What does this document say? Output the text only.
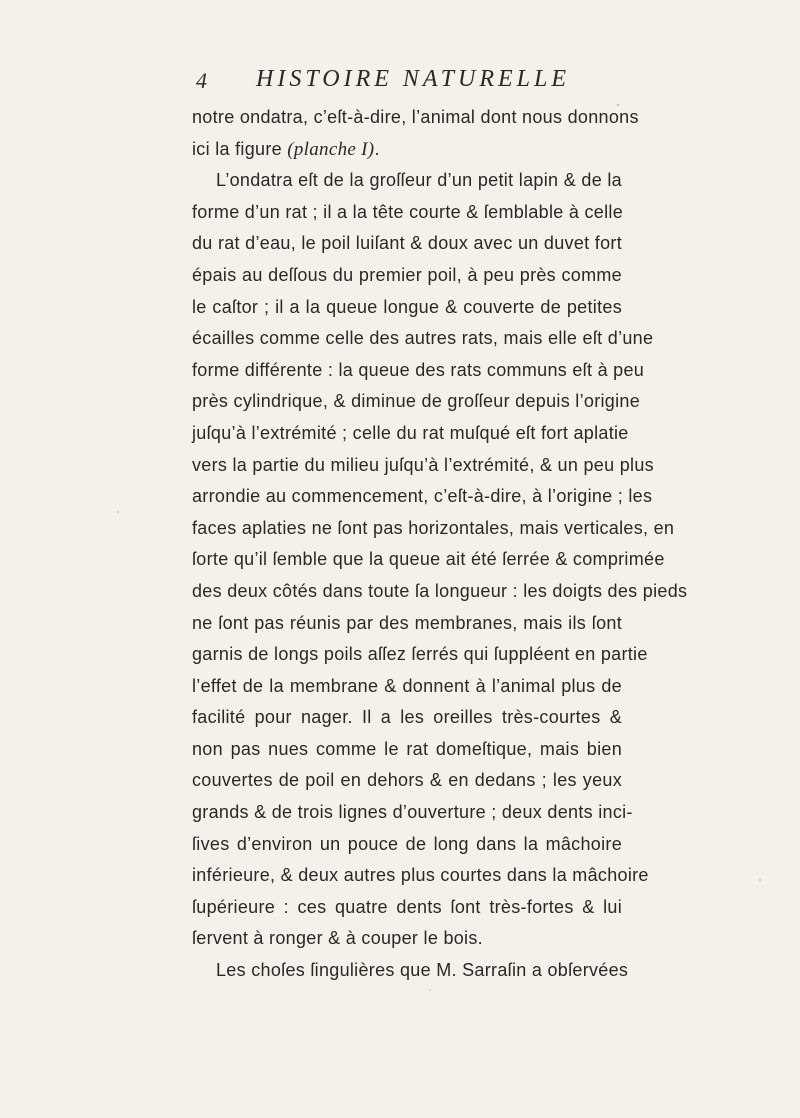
4 HISTOIRE NATURELLE
notre ondatra, c’eſt-à-dire, l’animal dont nous donnons
ici la figure (planche I).
L’ondatra eſt de la groſſeur d’un petit lapin & de la
forme d’un rat ; il a la tête courte & ſemblable à celle
du rat d’eau, le poil luiſant & doux avec un duvet fort
épais au deſſous du premier poil, à peu près comme
le caſtor ; il a la queue longue & couverte de petites
écailles comme celle des autres rats, mais elle eſt d’une
forme différente : la queue des rats communs eſt à peu
près cylindrique, & diminue de groſſeur depuis l’origine
juſqu’à l’extrémité ; celle du rat muſqué eſt fort aplatie
vers la partie du milieu juſqu’à l’extrémité, & un peu plus
arrondie au commencement, c’eſt-à-dire, à l’origine ; les
faces aplaties ne ſont pas horizontales, mais verticales, en
ſorte qu’il ſemble que la queue ait été ſerrée & comprimée
des deux côtés dans toute ſa longueur : les doigts des pieds
ne ſont pas réunis par des membranes, mais ils ſont
garnis de longs poils aſſez ſerrés qui ſuppléent en partie
l’effet de la membrane & donnent à l’animal plus de
facilité pour nager. Il a les oreilles très-courtes &
non pas nues comme le rat domeſtique, mais bien
couvertes de poil en dehors & en dedans ; les yeux
grands & de trois lignes d’ouverture ; deux dents inci-
ſives d’environ un pouce de long dans la mâchoire
inférieure, & deux autres plus courtes dans la mâchoire
ſupérieure : ces quatre dents ſont très-fortes & lui
ſervent à ronger & à couper le bois.
Les choſes ſingulières que M. Sarraſin a obſervées
